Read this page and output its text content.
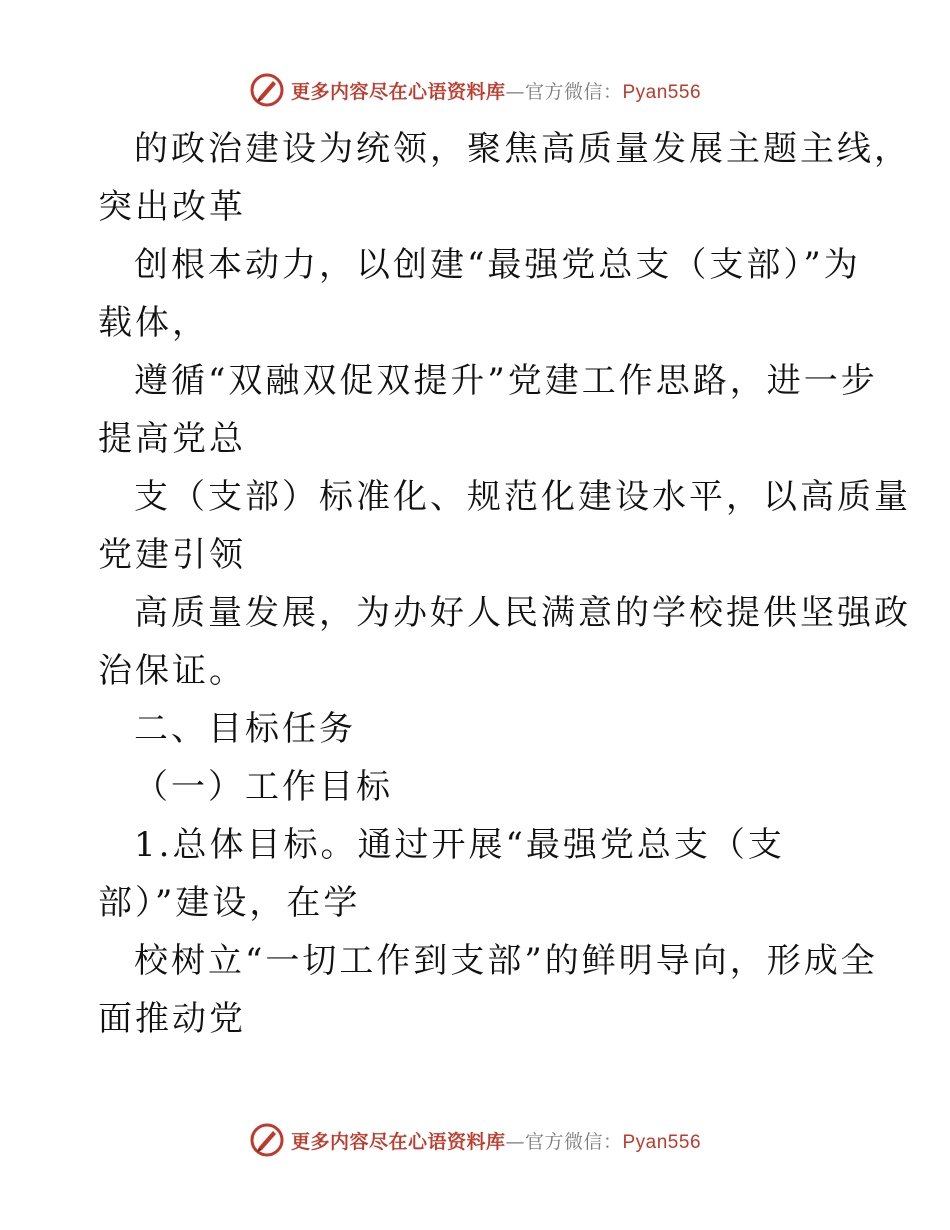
更多内容尽在心语资料库—官方微信：Pyan556
的政治建设为统领，聚焦高质量发展主题主线，
突出改革
创根本动力，以创建“最强党总支（支部）”为
载体，
遵循“双融双促双提升”党建工作思路，进一步
提高党总
支（支部）标准化、规范化建设水平，以高质量
党建引领
高质量发展，为办好人民满意的学校提供坚强政
治保证。
二、目标任务
（一）工作目标
1.总体目标。通过开展“最强党总支（支
部）”建设，在学
校树立“一切工作到支部”的鲜明导向，形成全
面推动党
更多内容尽在心语资料库—官方微信：Pyan556
